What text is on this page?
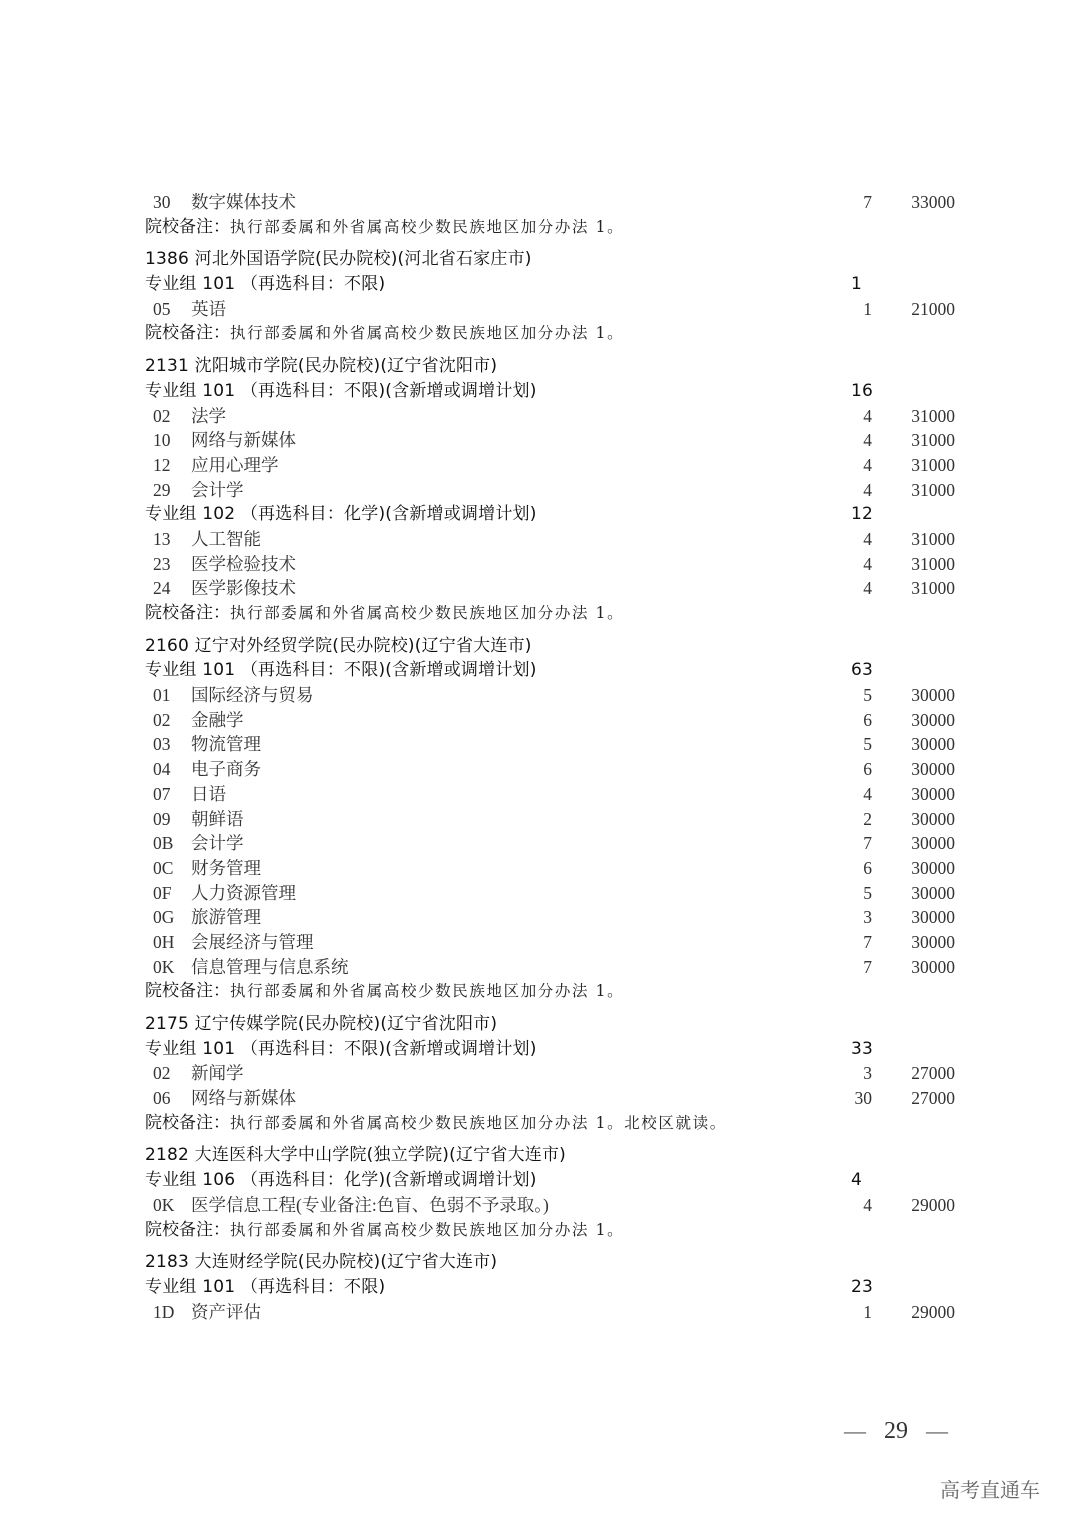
30 数字媒体技术	7 33000
院校备注：执行部委属和外省属高校少数民族地区加分办法 1。
1386 河北外国语学院(民办院校)(河北省石家庄市)
专业组 101 （再选科目：不限)	1
05 英语	1 21000
院校备注：执行部委属和外省属高校少数民族地区加分办法 1。
2131 沈阳城市学院(民办院校)(辽宁省沈阳市)
专业组 101 （再选科目：不限)(含新增或调增计划)	16
02 法学	4 31000
10 网络与新媒体	4 31000
12 应用心理学	4 31000
29 会计学	4 31000
专业组 102 （再选科目：化学)(含新增或调增计划)	12
13 人工智能	4 31000
23 医学检验技术	4 31000
24 医学影像技术	4 31000
院校备注：执行部委属和外省属高校少数民族地区加分办法 1。
2160 辽宁对外经贸学院(民办院校)(辽宁省大连市)
专业组 101 （再选科目：不限)(含新增或调增计划)	63
01 国际经济与贸易	5 30000
02 金融学	6 30000
03 物流管理	5 30000
04 电子商务	6 30000
07 日语	4 30000
09 朝鲜语	2 30000
0B 会计学	7 30000
0C 财务管理	6 30000
0F 人力资源管理	5 30000
0G 旅游管理	3 30000
0H 会展经济与管理	7 30000
0K 信息管理与信息系统	7 30000
院校备注：执行部委属和外省属高校少数民族地区加分办法 1。
2175 辽宁传媒学院(民办院校)(辽宁省沈阳市)
专业组 101 （再选科目：不限)(含新增或调增计划)	33
02 新闻学	3 27000
06 网络与新媒体	30 27000
院校备注：执行部委属和外省属高校少数民族地区加分办法 1。北校区就读。
2182 大连医科大学中山学院(独立学院)(辽宁省大连市)
专业组 106 （再选科目：化学)(含新增或调增计划)	4
0K 医学信息工程(专业备注:色盲、色弱不予录取。)	4 29000
院校备注：执行部委属和外省属高校少数民族地区加分办法 1。
2183 大连财经学院(民办院校)(辽宁省大连市)
专业组 101 （再选科目：不限)	23
1D 资产评估	1 29000
— 29 —
高考直通车
